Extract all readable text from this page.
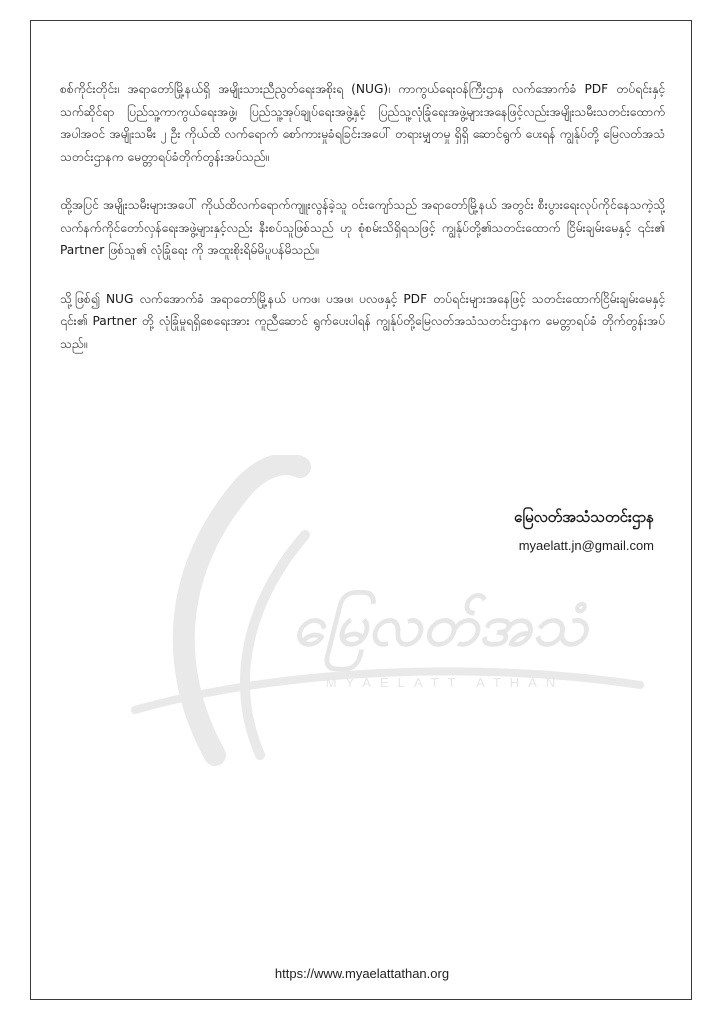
မြေလတ်အသံ
MYAELATT ATHAN

စစ်ကိုင်းတိုင်း၊ အရာတော်မြို့နယ်ရှိ အမျိုးသားညီညွတ်ရေးအစိုးရ (NUG)၊ ကာကွယ်ရေးဝန်ကြီးဌာန လက်အောက်ခံ PDF တပ်ရင်းနှင့် သက်ဆိုင်ရာ ပြည်သူ့ကာကွယ်ရေးအဖွဲ့၊ ပြည်သူ့အုပ်ချုပ်ရေးအဖွဲ့နှင့် ပြည်သူ့လုံခြုံရေးအဖွဲ့များအနေဖြင့်လည်းအမျိုးသမီးသတင်းထောက်အပါအဝင် အမျိုးသမီး ၂ ဦး ကိုယ်ထိ လက်ရောက် စော်ကားမှုခံရခြင်းအပေါ် တရားမျှတမှု ရှိရှိ ဆောင်ရွက် ပေးရန် ကျွန်ုပ်တို့ မြေလတ်အသံသတင်းဌာနက မေတ္တာရပ်ခံတိုက်တွန်းအပ်သည်။

ထို့အပြင် အမျိုးသမီးများအပေါ် ကိုယ်ထိလက်ရောက်ကျူးလွန်ခဲ့သူ ဝင်းကျော်သည် အရာတော်မြို့နယ် အတွင်း စီးပွားရေးလုပ်ကိုင်နေသကဲ့သို့ လက်နက်ကိုင်တော်လှန်ရေးအဖွဲ့များနှင့်လည်း နီးစပ်သူဖြစ်သည် ဟု စုံစမ်းသိရှိရသဖြင့် ကျွန်ုပ်တို့၏သတင်းထောက် ငြိမ်းချမ်းမေနှင့် ၎င်း၏ Partner ဖြစ်သူ၏ လုံခြုံရေး ကို အထူးစိုးရိမ်မိပူပန်မိသည်။

သို့ဖြစ်၍ NUG လက်အောက်ခံ အရာတော်မြို့နယ် ပကဖ၊ ပအဖ၊ ပလဖနှင့် PDF တပ်ရင်းများအနေဖြင့် သတင်းထောက်ငြိမ်းချမ်းမေနှင့် ၎င်း၏ Partner တို့ လုံခြုံမှုရရှိစေရေးအား ကူညီဆောင် ရွက်ပေးပါရန် ကျွန်ုပ်တို့မြေလတ်အသံသတင်းဌာနက မေတ္တာရပ်ခံ တိုက်တွန်းအပ်သည်။

မြေလတ်အသံသတင်းဌာန
myaelatt.jn@gmail.com
https://www.myaelattathan.org
